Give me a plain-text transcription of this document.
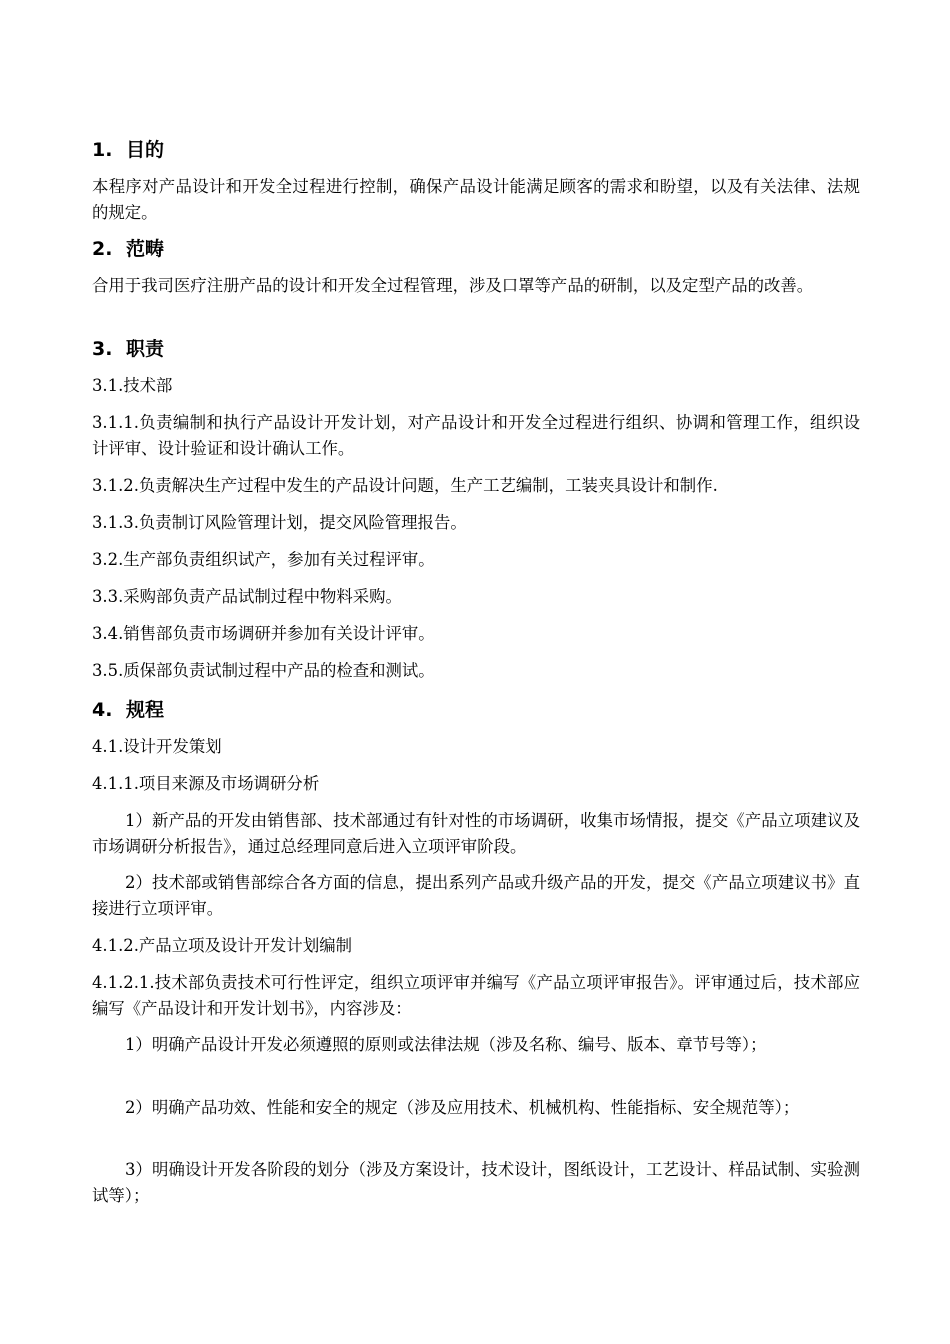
1. 目的

本程序对产品设计和开发全过程进行控制，确保产品设计能满足顾客的需求和盼望，以及有关法律、法规的规定。

2. 范畴

合用于我司医疗注册产品的设计和开发全过程管理，涉及口罩等产品的研制，以及定型产品的改善。

3. 职责

3.1.技术部

3.1.1.负责编制和执行产品设计开发计划，对产品设计和开发全过程进行组织、协调和管理工作，组织设计评审、设计验证和设计确认工作。

3.1.2.负责解决生产过程中发生的产品设计问题，生产工艺编制，工装夹具设计和制作.

3.1.3.负责制订风险管理计划，提交风险管理报告。

3.2.生产部负责组织试产，参加有关过程评审。

3.3.采购部负责产品试制过程中物料采购。

3.4.销售部负责市场调研并参加有关设计评审。

3.5.质保部负责试制过程中产品的检查和测试。

4. 规程

4.1.设计开发策划

4.1.1.项目来源及市场调研分析

1）新产品的开发由销售部、技术部通过有针对性的市场调研，收集市场情报，提交《产品立项建议及市场调研分析报告》，通过总经理同意后进入立项评审阶段。

2）技术部或销售部综合各方面的信息，提出系列产品或升级产品的开发，提交《产品立项建议书》直接进行立项评审。

4.1.2.产品立项及设计开发计划编制

4.1.2.1.技术部负责技术可行性评定，组织立项评审并编写《产品立项评审报告》。评审通过后，技术部应编写《产品设计和开发计划书》，内容涉及：

1）明确产品设计开发必须遵照的原则或法律法规（涉及名称、编号、版本、章节号等）；

2）明确产品功效、性能和安全的规定（涉及应用技术、机械机构、性能指标、安全规范等）；

3）明确设计开发各阶段的划分（涉及方案设计，技术设计，图纸设计，工艺设计、样品试制、实验测试等）；
